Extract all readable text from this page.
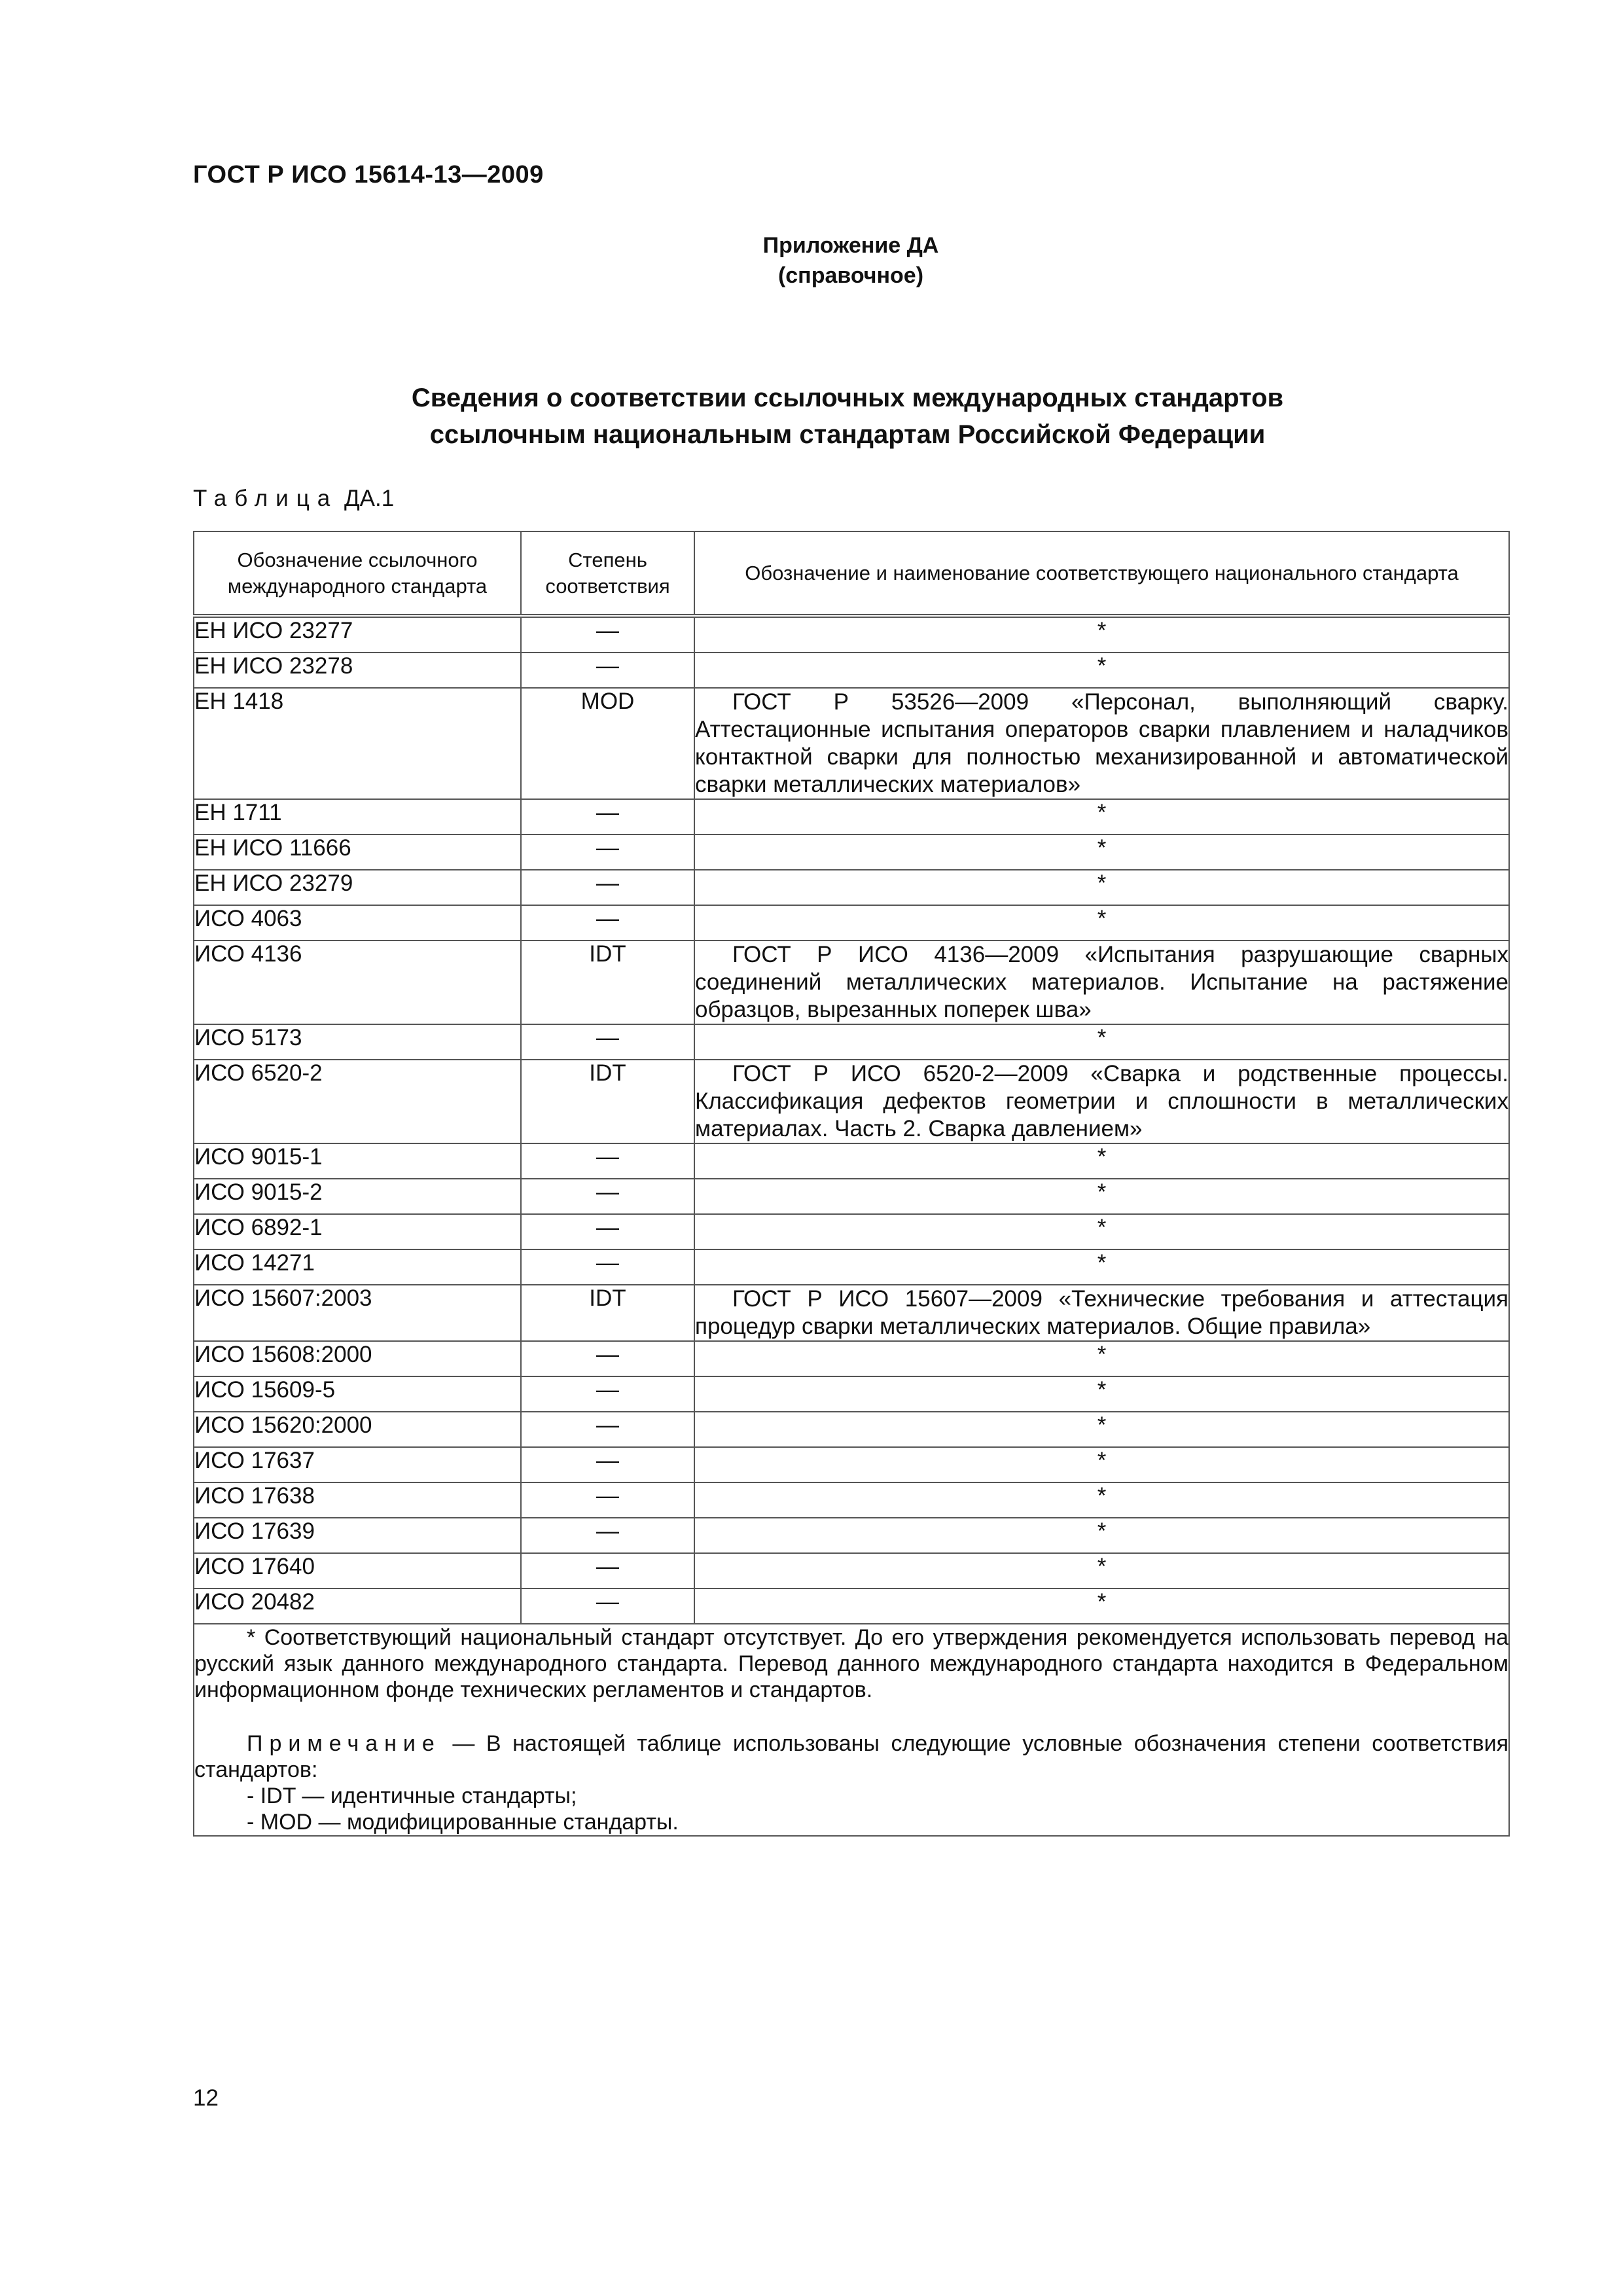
ГОСТ Р ИСО 15614-13—2009
Приложение ДА
(справочное)
Сведения о соответствии ссылочных международных стандартов
ссылочным национальным стандартам Российской Федерации
Таблица ДА.1
Обозначение ссылочного международного стандарта	Степень соответствия	Обозначение и наименование соответствующего национального стандарта
ЕН ИСО 23277	—	*

ЕН ИСО 23278	—	*

ЕН 1418	MOD	ГОСТ Р 53526—2009 «Персонал, выполняющий сварку. Аттестационные испытания операторов сварки плавлением и наладчиков контактной сварки для полностью механизированной и автоматической сварки металлических материалов»

ЕН 1711	—	*

ЕН ИСО 11666	—	*

ЕН ИСО 23279	—	*

ИСО 4063	—	*

ИСО 4136	IDT	ГОСТ Р ИСО 4136—2009 «Испытания разрушающие сварных соединений металлических материалов. Испытание на растяжение образцов, вырезанных поперек шва»

ИСО 5173	—	*

ИСО 6520-2	IDT	ГОСТ Р ИСО 6520-2—2009 «Сварка и родственные процессы. Классификация дефектов геометрии и сплошности в металлических материалах. Часть 2. Сварка давлением»

ИСО 9015-1	—	*

ИСО 9015-2	—	*

ИСО 6892-1	—	*

ИСО 14271	—	*

ИСО 15607:2003	IDT	ГОСТ Р ИСО 15607—2009 «Технические требования и аттестация процедур сварки металлических материалов. Общие правила»

ИСО 15608:2000	—	*

ИСО 15609-5	—	*

ИСО 15620:2000	—	*

ИСО 17637	—	*

ИСО 17638	—	*

ИСО 17639	—	*

ИСО 17640	—	*

ИСО 20482	—	*

* Соответствующий национальный стандарт отсутствует. До его утверждения рекомендуется использовать перевод на русский язык данного международного стандарта. Перевод данного международного стандарта находится в Федеральном информационном фонде технических регламентов и стандартов.

Примечание — В настоящей таблице использованы следующие условные обозначения степени соответствия стандартов:

- IDT — идентичные стандарты;

- MOD — модифицированные стандарты.		

12
